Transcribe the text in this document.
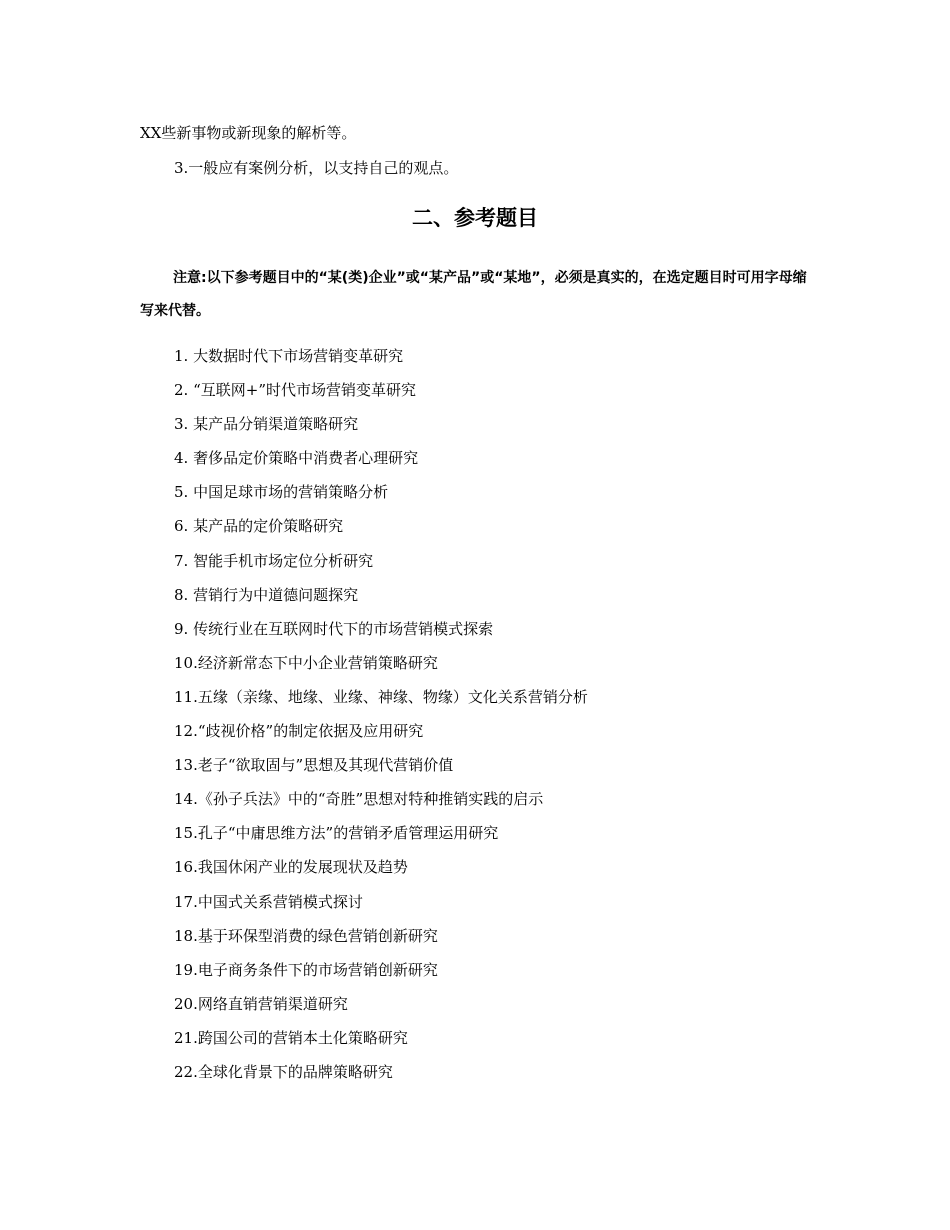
XX些新事物或新现象的解析等。
3.一般应有案例分析，以支持自己的观点。
二、参考题目
注意:以下参考题目中的“某(类)企业”或“某产品”或“某地”，必须是真实的，在选定题目时可用字母缩写来代替。
1. 大数据时代下市场营销变革研究
2. “互联网+”时代市场营销变革研究
3. 某产品分销渠道策略研究
4. 奢侈品定价策略中消费者心理研究
5. 中国足球市场的营销策略分析
6. 某产品的定价策略研究
7. 智能手机市场定位分析研究
8. 营销行为中道德问题探究
9. 传统行业在互联网时代下的市场营销模式探索
10.经济新常态下中小企业营销策略研究
11.五缘（亲缘、地缘、业缘、神缘、物缘）文化关系营销分析
12.“歧视价格”的制定依据及应用研究
13.老子“欲取固与”思想及其现代营销价值
14.《孙子兵法》中的“奇胜”思想对特种推销实践的启示
15.孔子“中庸思维方法”的营销矛盾管理运用研究
16.我国休闲产业的发展现状及趋势
17.中国式关系营销模式探讨
18.基于环保型消费的绿色营销创新研究
19.电子商务条件下的市场营销创新研究
20.网络直销营销渠道研究
21.跨国公司的营销本土化策略研究
22.全球化背景下的品牌策略研究
